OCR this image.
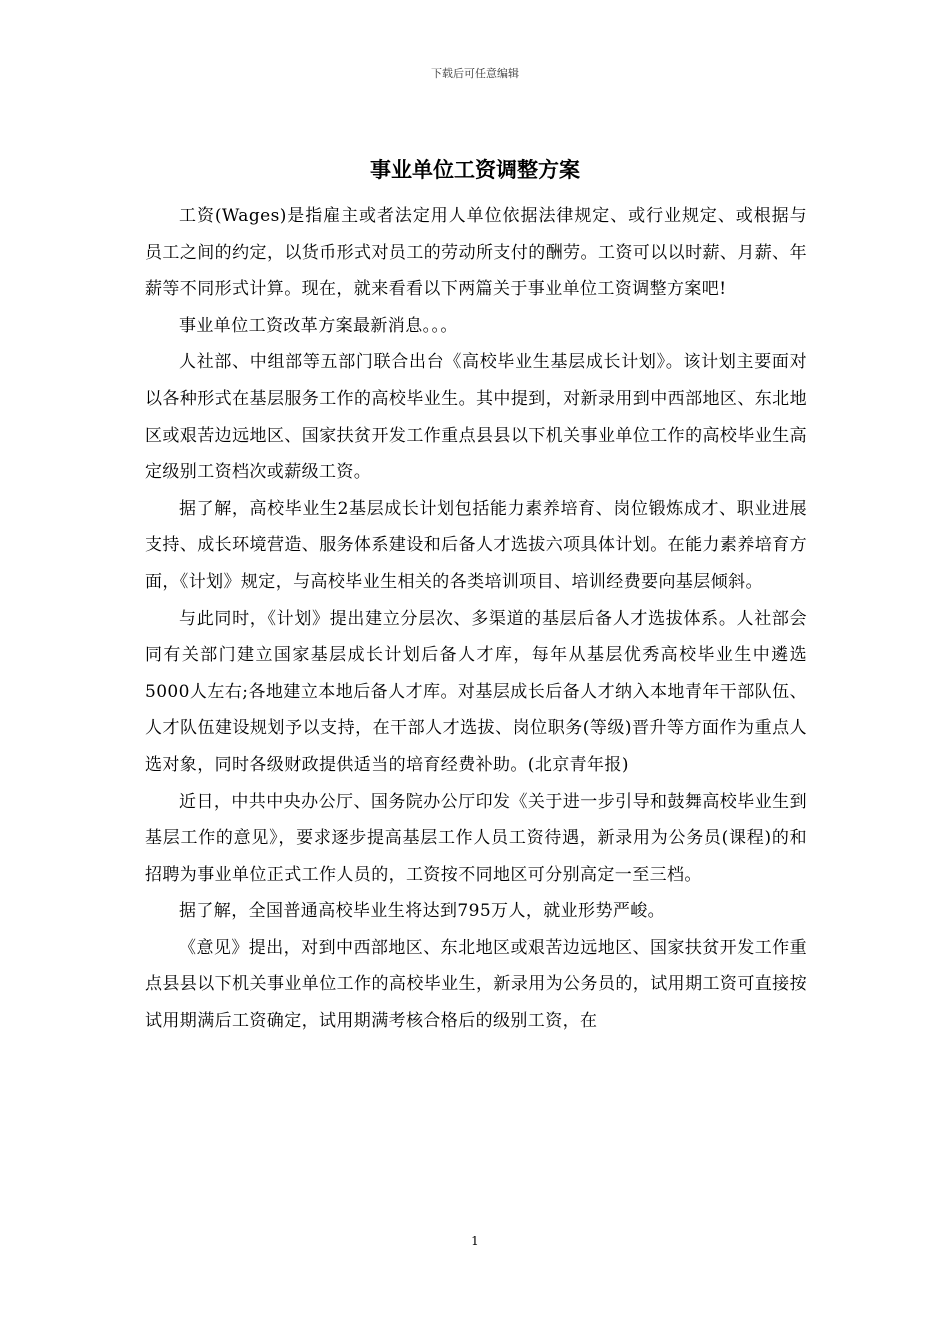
下载后可任意编辑
事业单位工资调整方案

工资(Wages)是指雇主或者法定用人单位依据法律规定、或行业规定、或根据与员工之间的约定，以货币形式对员工的劳动所支付的酬劳。工资可以以时薪、月薪、年薪等不同形式计算。现在，就来看看以下两篇关于事业单位工资调整方案吧!

事业单位工资改革方案最新消息。。。

人社部、中组部等五部门联合出台《高校毕业生基层成长计划》。该计划主要面对以各种形式在基层服务工作的高校毕业生。其中提到，对新录用到中西部地区、东北地区或艰苦边远地区、国家扶贫开发工作重点县县以下机关事业单位工作的高校毕业生高定级别工资档次或薪级工资。

据了解，高校毕业生2基层成长计划包括能力素养培育、岗位锻炼成才、职业进展支持、成长环境营造、服务体系建设和后备人才选拔六项具体计划。在能力素养培育方面，《计划》规定，与高校毕业生相关的各类培训项目、培训经费要向基层倾斜。

与此同时，《计划》提出建立分层次、多渠道的基层后备人才选拔体系。人社部会同有关部门建立国家基层成长计划后备人才库，每年从基层优秀高校毕业生中遴选5000人左右;各地建立本地后备人才库。对基层成长后备人才纳入本地青年干部队伍、人才队伍建设规划予以支持，在干部人才选拔、岗位职务(等级)晋升等方面作为重点人选对象，同时各级财政提供适当的培育经费补助。(北京青年报)

近日，中共中央办公厅、国务院办公厅印发《关于进一步引导和鼓舞高校毕业生到基层工作的意见》，要求逐步提高基层工作人员工资待遇，新录用为公务员(课程)的和招聘为事业单位正式工作人员的，工资按不同地区可分别高定一至三档。

据了解，全国普通高校毕业生将达到795万人，就业形势严峻。

《意见》提出，对到中西部地区、东北地区或艰苦边远地区、国家扶贫开发工作重点县县以下机关事业单位工作的高校毕业生，新录用为公务员的，试用期工资可直接按试用期满后工资确定，试用期满考核合格后的级别工资，在

1
